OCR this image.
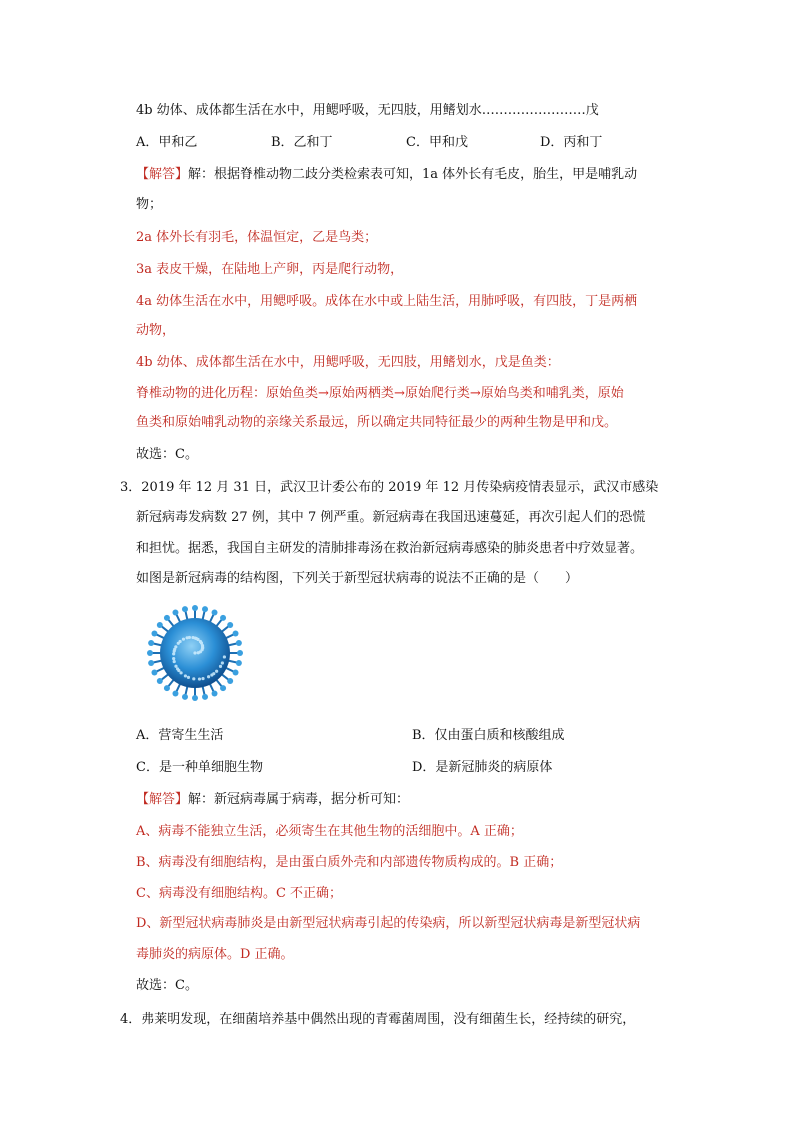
4b 幼体、成体都生活在水中，用鳃呼吸，无四肢，用鳍划水……………………戊
A．甲和乙	B．乙和丁	C．甲和戊	D．丙和丁
【解答】解：根据脊椎动物二歧分类检索表可知，1a 体外长有毛皮，胎生，甲是哺乳动
物；
2a 体外长有羽毛，体温恒定，乙是鸟类；
3a 表皮干燥，在陆地上产卵，丙是爬行动物，
4a 幼体生活在水中，用鳃呼吸。成体在水中或上陆生活，用肺呼吸，有四肢，丁是两栖
动物，
4b 幼体、成体都生活在水中，用鳃呼吸，无四肢，用鳍划水，戊是鱼类：
脊椎动物的进化历程：原始鱼类→原始两栖类→原始爬行类→原始鸟类和哺乳类，原始
鱼类和原始哺乳动物的亲缘关系最远，所以确定共同特征最少的两种生物是甲和戊。
故选：C。
3．2019 年 12 月 31 日，武汉卫计委公布的 2019 年 12 月传染病疫情表显示，武汉市感染
新冠病毒发病数 27 例，其中 7 例严重。新冠病毒在我国迅速蔓延，再次引起人们的恐慌
和担忧。据悉，我国自主研发的清肺排毒汤在救治新冠病毒感染的肺炎患者中疗效显著。
如图是新冠病毒的结构图，下列关于新型冠状病毒的说法不正确的是（　　）
A．营寄生生活	B．仅由蛋白质和核酸组成
C．是一种单细胞生物	D．是新冠肺炎的病原体
【解答】解：新冠病毒属于病毒，据分析可知：
A、病毒不能独立生活，必须寄生在其他生物的活细胞中。A 正确；
B、病毒没有细胞结构，是由蛋白质外壳和内部遗传物质构成的。B 正确；
C、病毒没有细胞结构。C 不正确；
D、新型冠状病毒肺炎是由新型冠状病毒引起的传染病，所以新型冠状病毒是新型冠状病
毒肺炎的病原体。D 正确。
故选：C。
4．弗莱明发现，在细菌培养基中偶然出现的青霉菌周围，没有细菌生长，经持续的研究，
